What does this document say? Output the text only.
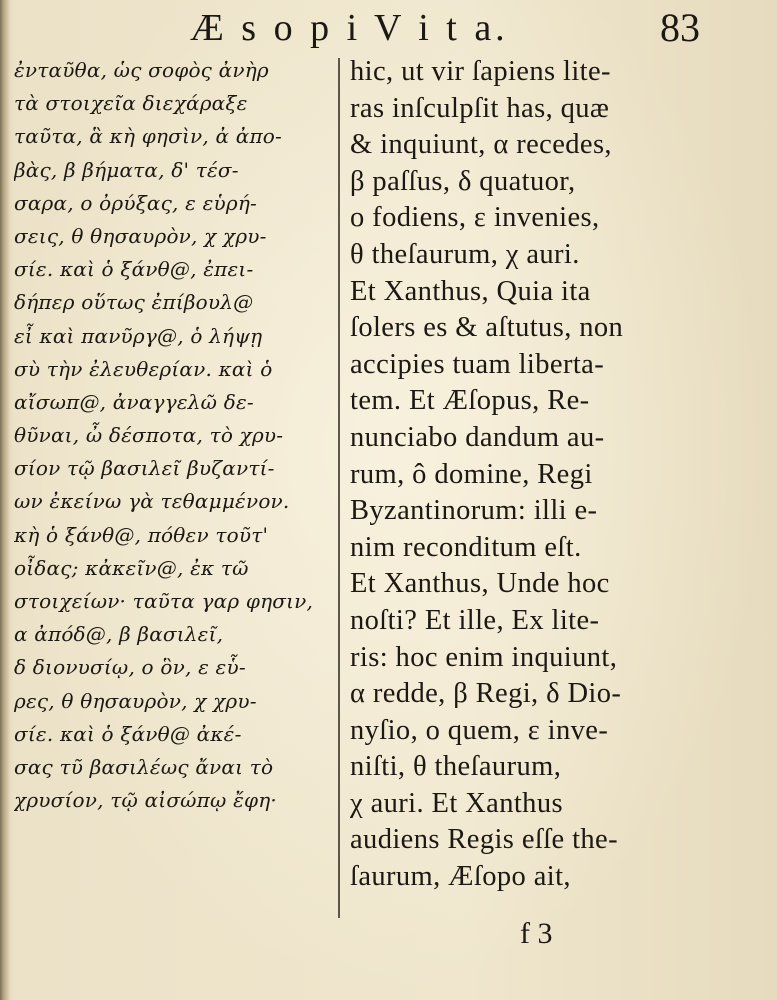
Æ s o p i V i t a.	83
ἐνταῦθα, ὡς σοφὸς ἀνὴρ
τὰ στοιχεῖα διεχάραξε
ταῦτα, ἃ κὴ φησὶν, ἀ ἀπο-
βὰς, β βήματα, δ' τέσ-
σαρα, ο ὀρύξας, ε εὑρή-
σεις, θ θησαυρὸν, χ χρυ-
σίε. καὶ ὁ ξάνθ@, ἐπει-
δήπερ οὕτως ἐπίβουλ@
εἶ καὶ πανῦργ@, ὁ λήψῃ
σὺ τὴν ἐλευθερίαν. καὶ ὁ
αἴσωπ@, ἀναγγελῶ δε-
θῦναι, ὦ δέσποτα, τὸ χρυ-
σίον τῷ βασιλεῖ βυζαντί-
ων ἐκείνω γὰ τεθαμμένον.
κὴ ὁ ξάνθ@, πόθεν τοῦτ'
οἶδας; κἀκεῖν@, ἐκ τῶ
στοιχείων· ταῦτα γαρ φησιν,
α ἀπόδ@, β βασιλεῖ,
δ διονυσίῳ, ο ὃν, ε εὗ-
ρες, θ θησαυρὸν, χ χρυ-
σίε. καὶ ὁ ξάνθ@ ἀκέ-
σας τῦ βασιλέως ἄναι τὸ
χρυσίον, τῷ αἰσώπῳ ἔφη·
hic, ut vir ſapiens lite-
ras inſculpſit has, quæ
& inquiunt, α recedes,
β paſſus, δ quatuor,
ο fodiens, ε invenies,
θ theſaurum, χ auri.
Et Xanthus, Quia ita
ſolers es & aſtutus, non
accipies tuam liberta-
tem. Et Æſopus, Re-
nunciabo dandum au-
rum, ô domine, Regi
Byzantinorum: illi e-
nim reconditum eſt.
Et Xanthus, Unde hoc
noſti? Et ille, Ex lite-
ris: hoc enim inquiunt,
α redde, β Regi, δ Dio-
nyſio, ο quem, ε inve-
niſti, θ theſaurum,
χ auri. Et Xanthus
audiens Regis eſſe the-
ſaurum, Æſopo ait,
f 3
